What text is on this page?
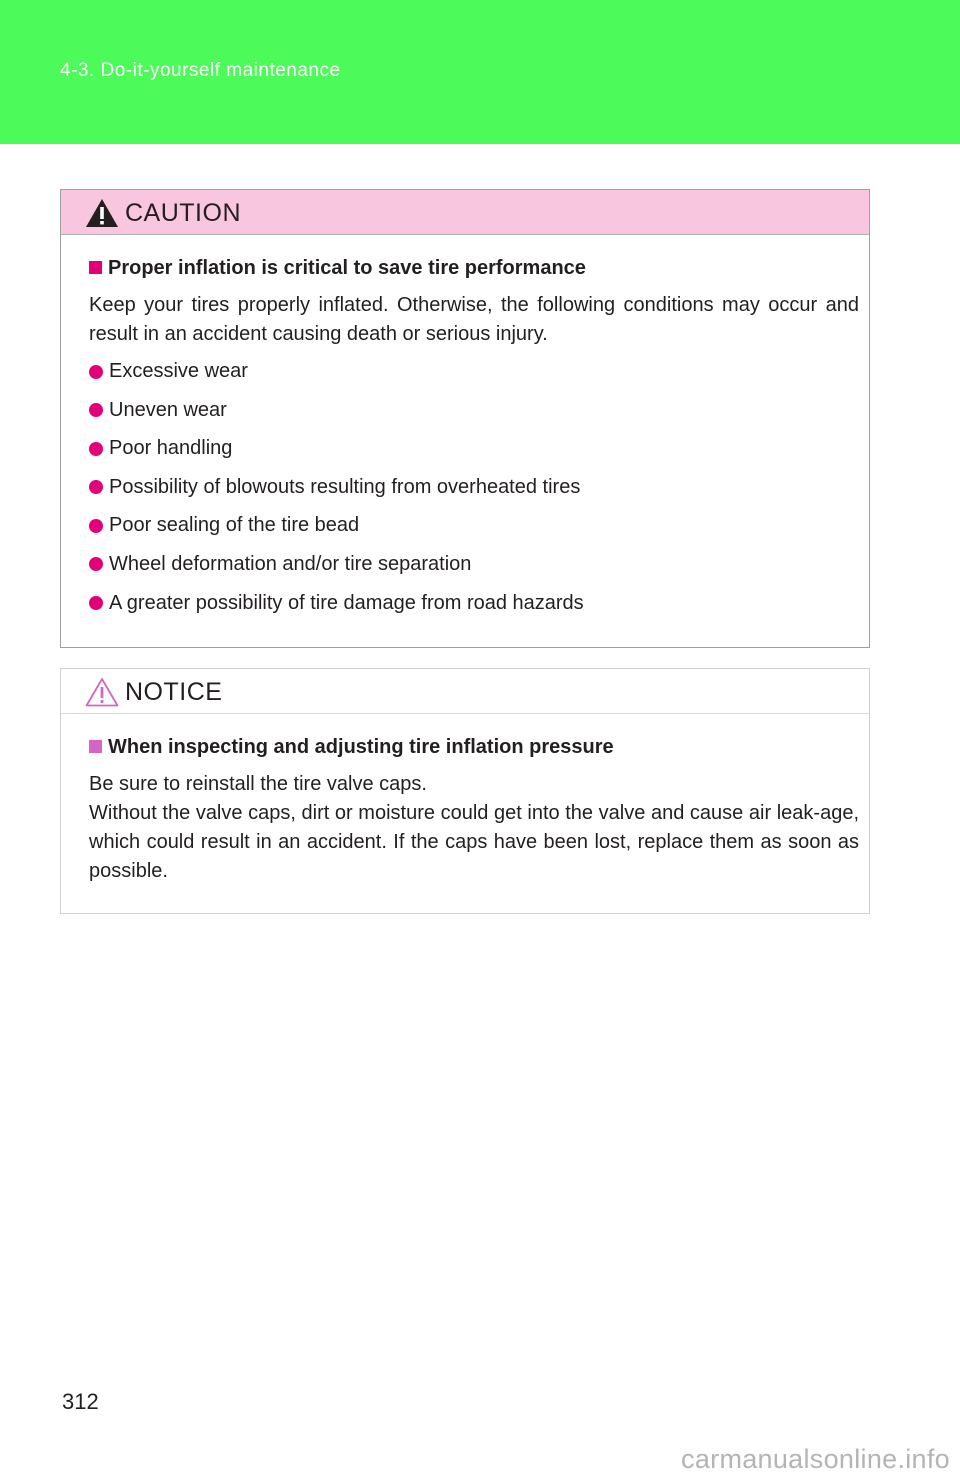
4-3. Do-it-yourself maintenance
CAUTION
Proper inflation is critical to save tire performance

Keep your tires properly inflated. Otherwise, the following conditions may occur and result in an accident causing death or serious injury.

Excessive wear
Uneven wear
Poor handling
Possibility of blowouts resulting from overheated tires
Poor sealing of the tire bead
Wheel deformation and/or tire separation
A greater possibility of tire damage from road hazards
NOTICE
When inspecting and adjusting tire inflation pressure

Be sure to reinstall the tire valve caps.

Without the valve caps, dirt or moisture could get into the valve and cause air leak-age, which could result in an accident. If the caps have been lost, replace them as soon as possible.

312
carmanualsonline.info
